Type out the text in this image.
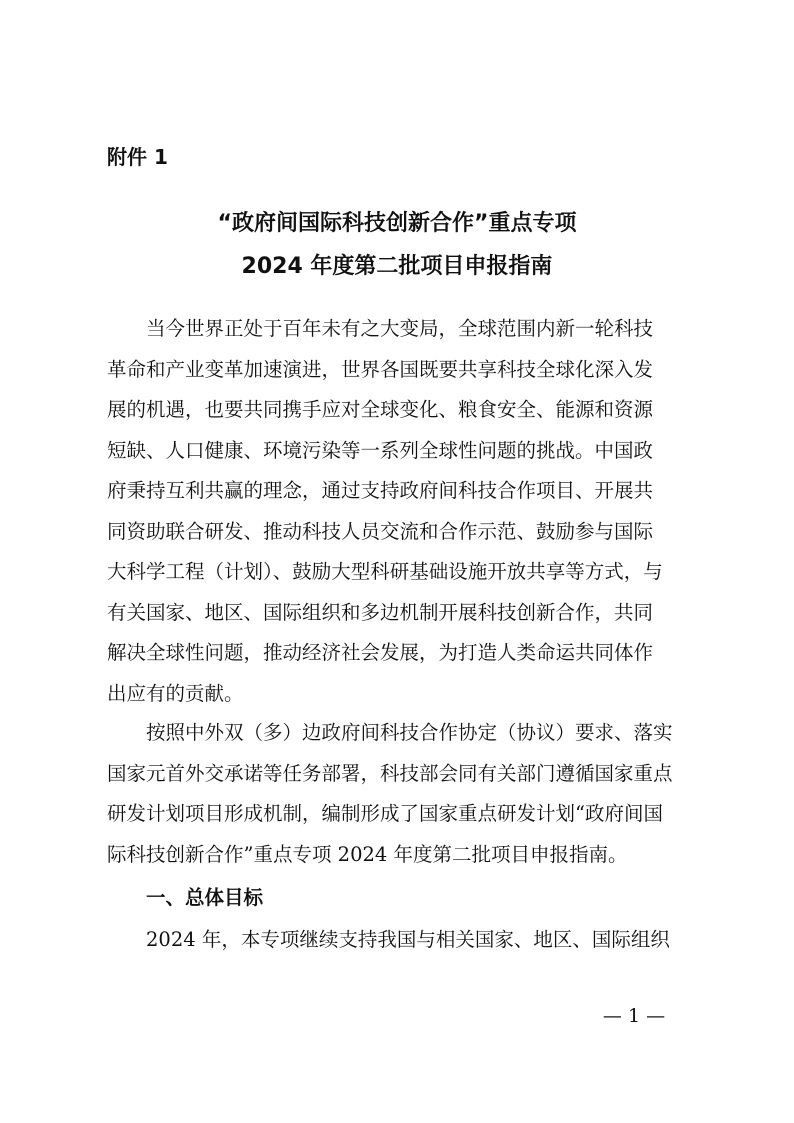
附件 1
“政府间国际科技创新合作”重点专项
2024 年度第二批项目申报指南
当今世界正处于百年未有之大变局，全球范围内新一轮科技
革命和产业变革加速演进，世界各国既要共享科技全球化深入发
展的机遇，也要共同携手应对全球变化、粮食安全、能源和资源
短缺、人口健康、环境污染等一系列全球性问题的挑战。中国政
府秉持互利共赢的理念，通过支持政府间科技合作项目、开展共
同资助联合研发、推动科技人员交流和合作示范、鼓励参与国际
大科学工程（计划）、鼓励大型科研基础设施开放共享等方式，与
有关国家、地区、国际组织和多边机制开展科技创新合作，共同
解决全球性问题，推动经济社会发展，为打造人类命运共同体作
出应有的贡献。
按照中外双（多）边政府间科技合作协定（协议）要求、落实
国家元首外交承诺等任务部署，科技部会同有关部门遵循国家重点
研发计划项目形成机制，编制形成了国家重点研发计划“政府间国
际科技创新合作”重点专项 2024 年度第二批项目申报指南。
一、总体目标
2024 年，本专项继续支持我国与相关国家、地区、国际组织
— 1 —
